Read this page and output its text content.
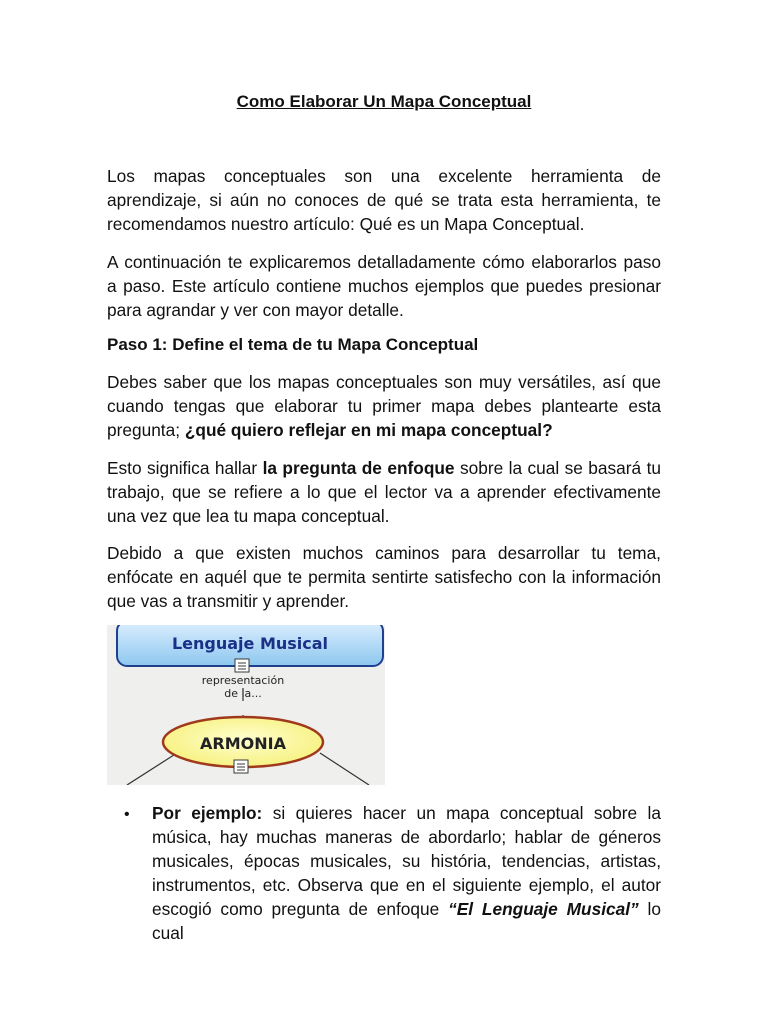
Como Elaborar Un Mapa Conceptual

Los mapas conceptuales son una excelente herramienta de aprendizaje, si aún no conoces de qué se trata esta herramienta, te recomendamos nuestro artículo: Qué es un Mapa Conceptual.

A continuación te explicaremos detalladamente cómo elaborarlos paso a paso. Este artículo contiene muchos ejemplos que puedes presionar para agrandar y ver con mayor detalle.

Paso 1: Define el tema de tu Mapa Conceptual

Debes saber que los mapas conceptuales son muy versátiles, así que cuando tengas que elaborar tu primer mapa debes plantearte esta pregunta; ¿qué quiero reflejar en mi mapa conceptual?

Esto significa hallar la pregunta de enfoque sobre la cual se basará tu trabajo, que se refiere a lo que el lector va a aprender efectivamente una vez que lea tu mapa conceptual.

Debido a que existen muchos caminos para desarrollar tu tema, enfócate en aquél que te permita sentirte satisfecho con la información que vas a transmitir y aprender.

Lenguaje Musical
representación
de la...
ARMONIA
• Por ejemplo: si quieres hacer un mapa conceptual sobre la música, hay muchas maneras de abordarlo; hablar de géneros musicales, épocas musicales, su história, tendencias, artistas, instrumentos, etc. Observa que en el siguiente ejemplo, el autor escogió como pregunta de enfoque “El Lenguaje Musical” lo cual
